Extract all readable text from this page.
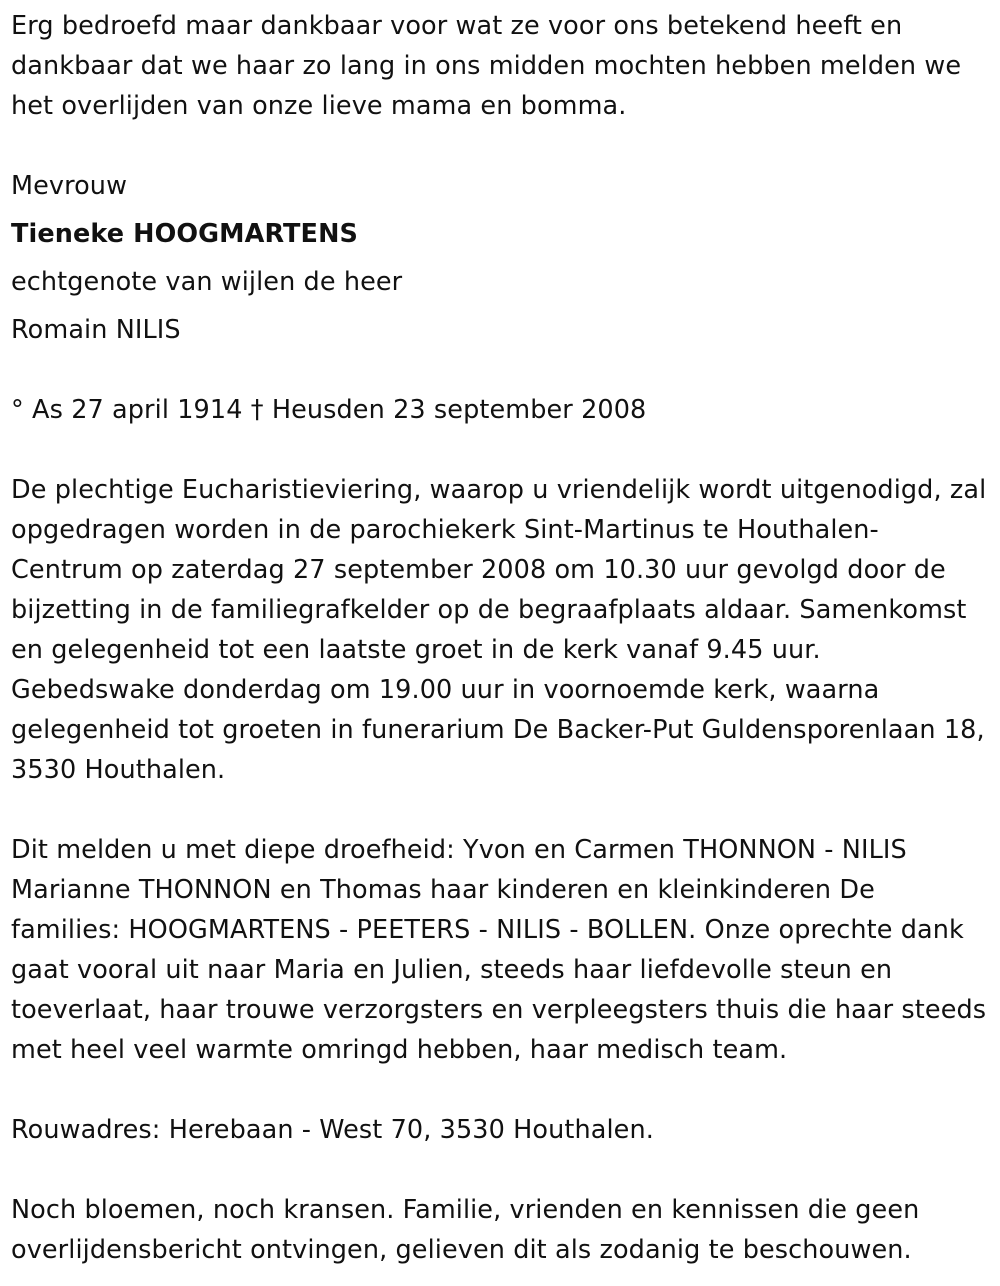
Erg bedroefd maar dankbaar voor wat ze voor ons betekend heeft en dankbaar dat we haar zo lang in ons midden mochten hebben melden we het overlijden van onze lieve mama en bomma.

Mevrouw

Tieneke HOOGMARTENS

echtgenote van wijlen de heer

Romain NILIS

° As 27 april 1914 † Heusden 23 september 2008

De plechtige Eucharistieviering, waarop u vriendelijk wordt uitgenodigd, zal opgedragen worden in de parochiekerk Sint-Martinus te Houthalen-Centrum op zaterdag 27 september 2008 om 10.30 uur gevolgd door de bijzetting in de familiegrafkelder op de begraafplaats aldaar. Samenkomst en gelegenheid tot een laatste groet in de kerk vanaf 9.45 uur. Gebedswake donderdag om 19.00 uur in voornoemde kerk, waarna gelegenheid tot groeten in funerarium De Backer-Put Guldensporenlaan 18, 3530 Houthalen.

Dit melden u met diepe droefheid: Yvon en Carmen THONNON - NILIS Marianne THONNON en Thomas haar kinderen en kleinkinderen De families: HOOGMARTENS - PEETERS - NILIS - BOLLEN. Onze oprechte dank gaat vooral uit naar Maria en Julien, steeds haar liefdevolle steun en toeverlaat, haar trouwe verzorgsters en verpleegsters thuis die haar steeds met heel veel warmte omringd hebben, haar medisch team.

Rouwadres: Herebaan - West 70, 3530 Houthalen.

Noch bloemen, noch kransen. Familie, vrienden en kennissen die geen overlijdensbericht ontvingen, gelieven dit als zodanig te beschouwen.
